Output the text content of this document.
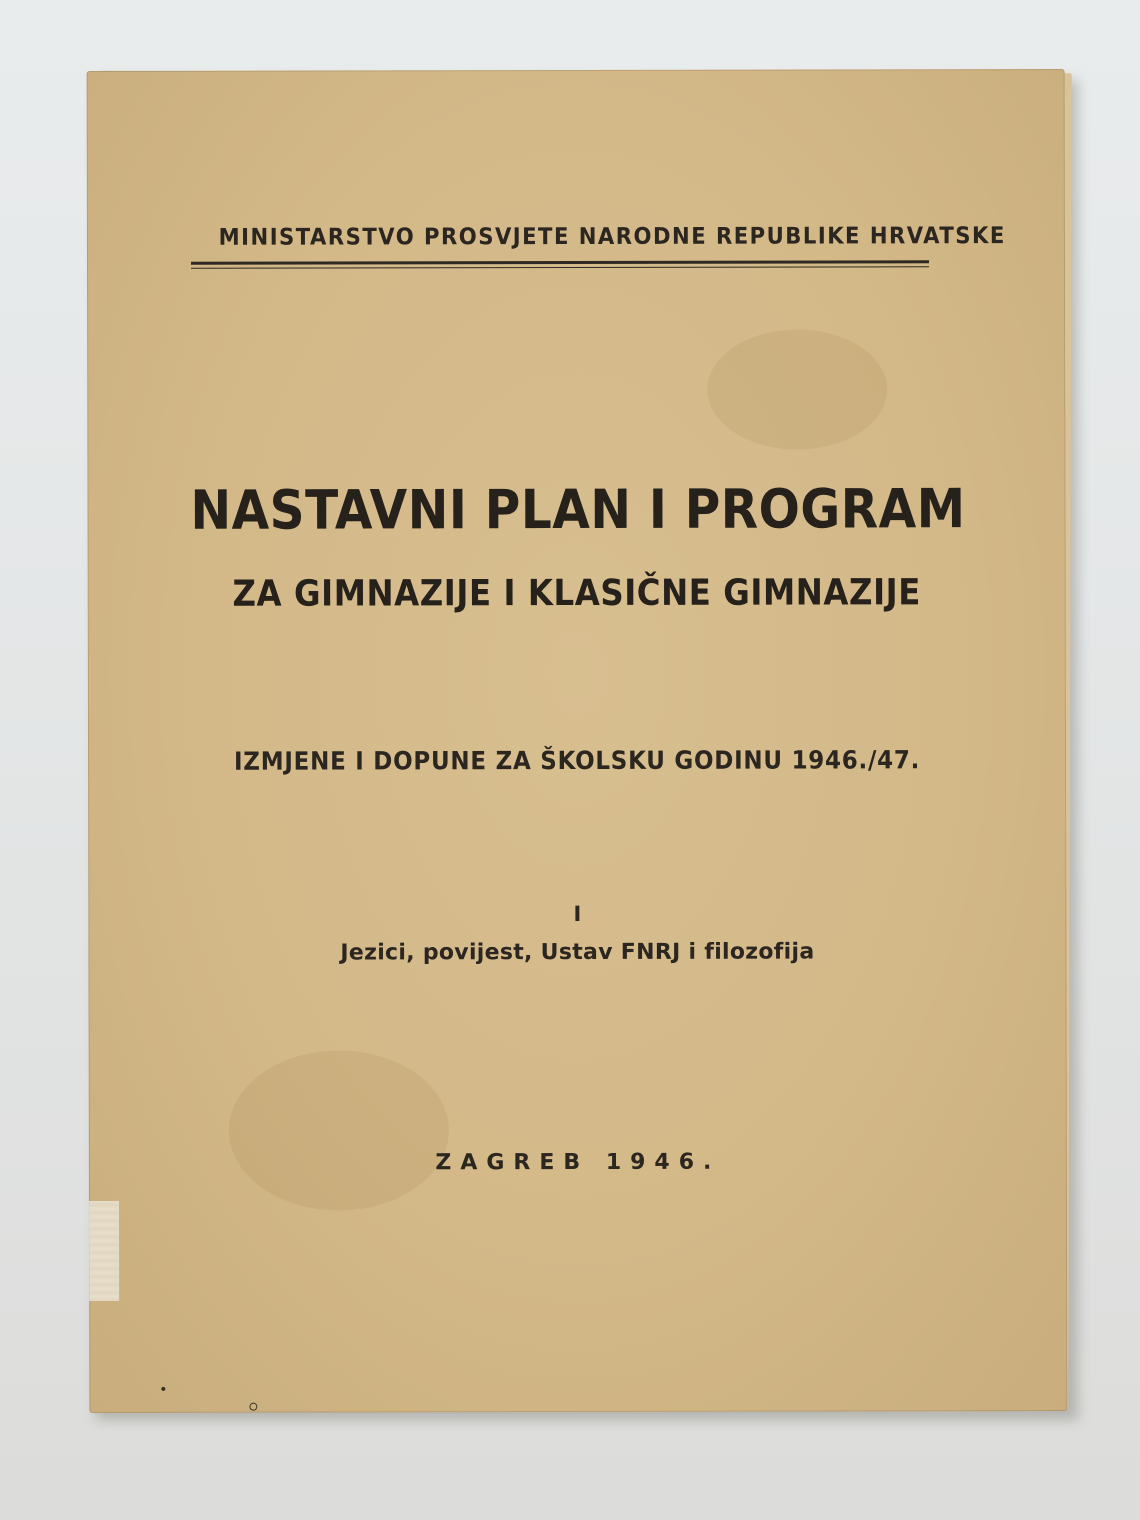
MINISTARSTVO PROSVJETE NARODNE REPUBLIKE HRVATSKE
NASTAVNI PLAN I PROGRAM
ZA GIMNAZIJE I KLASIČNE GIMNAZIJE
IZMJENE I DOPUNE ZA ŠKOLSKU GODINU 1946./47.
I
Jezici, povijest, Ustav FNRJ i filozofija
ZAGREB 1946.
